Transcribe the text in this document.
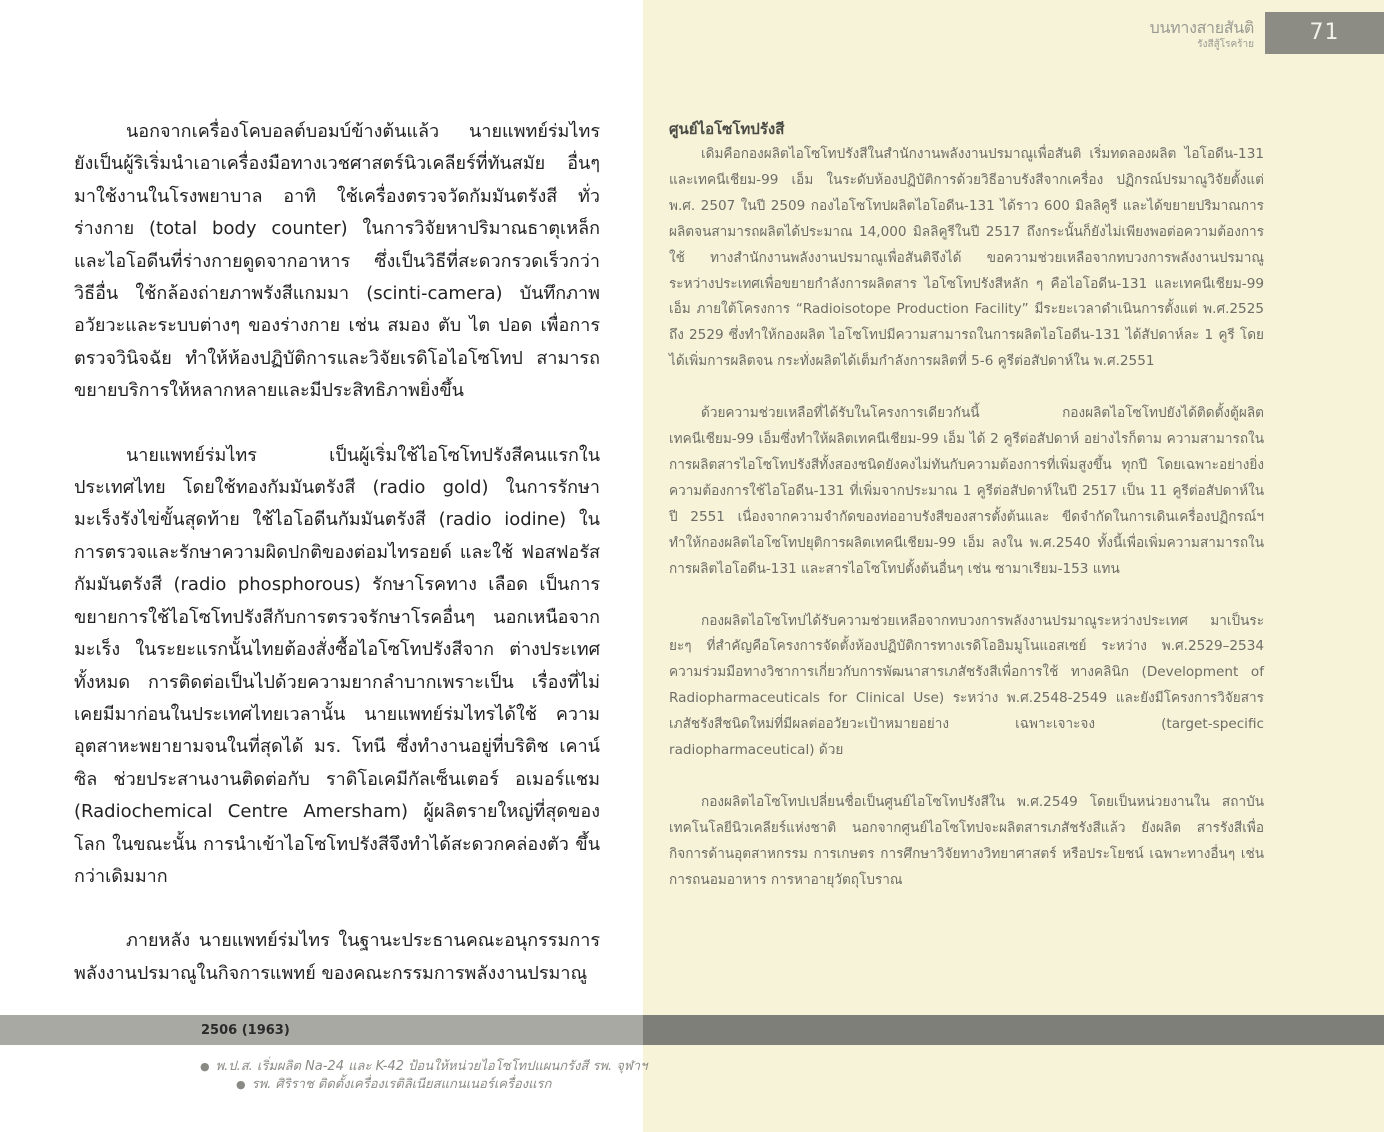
บนทางสายสันติ
รังสีสู้โรคร้าย	71

นอกจากเครื่องโคบอลต์บอมบ์ข้างต้นแล้ว นายแพทย์ร่มไทร ยังเป็นผู้ริเริ่มนำเอาเครื่องมือทางเวชศาสตร์นิวเคลียร์ที่ทันสมัย อื่นๆ มาใช้งานในโรงพยาบาล อาทิ ใช้เครื่องตรวจวัดกัมมันตรังสี ทั่วร่างกาย (total body counter) ในการวิจัยหาปริมาณธาตุเหล็ก และไอโอดีนที่ร่างกายดูดจากอาหาร ซึ่งเป็นวิธีที่สะดวกรวดเร็วกว่า วิธีอื่น ใช้กล้องถ่ายภาพรังสีแกมมา (scinti-camera) บันทึกภาพ อวัยวะและระบบต่างๆ ของร่างกาย เช่น สมอง ตับ ไต ปอด เพื่อการตรวจวินิจฉัย ทำให้ห้องปฏิบัติการและวิจัยเรดิโอไอโซโทป สามารถขยายบริการให้หลากหลายและมีประสิทธิภาพยิ่งขึ้น

นายแพทย์ร่มไทร เป็นผู้เริ่มใช้ไอโซโทปรังสีคนแรกใน ประเทศไทย โดยใช้ทองกัมมันตรังสี (radio gold) ในการรักษา มะเร็งรังไข่ขั้นสุดท้าย ใช้ไอโอดีนกัมมันตรังสี (radio iodine) ในการตรวจและรักษาความผิดปกติของต่อมไทรอยด์ และใช้ ฟอสฟอรัสกัมมันตรังสี (radio phosphorous) รักษาโรคทาง เลือด เป็นการขยายการใช้ไอโซโทปรังสีกับการตรวจรักษาโรคอื่นๆ นอกเหนือจากมะเร็ง ในระยะแรกนั้นไทยต้องสั่งซื้อไอโซโทปรังสีจาก ต่างประเทศทั้งหมด การติดต่อเป็นไปด้วยความยากลำบากเพราะเป็น เรื่องที่ไม่เคยมีมาก่อนในประเทศไทยเวลานั้น นายแพทย์ร่มไทรได้ใช้ ความอุตสาหะพยายามจนในที่สุดได้ มร. โทนี ซึ่งทำงานอยู่ที่บริติช เคาน์ซิล ช่วยประสานงานติดต่อกับ ราดิโอเคมีกัลเซ็นเตอร์ อเมอร์แชม (Radiochemical Centre Amersham) ผู้ผลิตรายใหญ่ที่สุดของโลก ในขณะนั้น การนำเข้าไอโซโทปรังสีจึงทำได้สะดวกคล่องตัว ขึ้นกว่าเดิมมาก

ภายหลัง นายแพทย์ร่มไทร ในฐานะประธานคณะอนุกรรมการ พลังงานปรมาณูในกิจการแพทย์ ของคณะกรรมการพลังงานปรมาณู

ศูนย์ไอโซโทปรังสี

เดิมคือกองผลิตไอโซโทปรังสีในสำนักงานพลังงานปรมาณูเพื่อสันติ เริ่มทดลองผลิต ไอโอดีน-131 และเทคนีเชียม-99 เอ็ม ในระดับห้องปฏิบัติการด้วยวิธีอาบรังสีจากเครื่อง ปฏิกรณ์ปรมาณูวิจัยตั้งแต่ พ.ศ. 2507 ในปี 2509 กองไอโซโทปผลิตไอโอดีน-131 ได้ราว 600 มิลลิคูรี และได้ขยายปริมาณการผลิตจนสามารถผลิตได้ประมาณ 14,000 มิลลิคูรีในปี 2517 ถึงกระนั้นก็ยังไม่เพียงพอต่อความต้องการใช้ ทางสำนักงานพลังงานปรมาณูเพื่อสันติจึงได้ ขอความช่วยเหลือจากทบวงการพลังงานปรมาณูระหว่างประเทศเพื่อขยายกำลังการผลิตสาร ไอโซโทปรังสีหลัก ๆ คือไอโอดีน-131 และเทคนีเชียม-99 เอ็ม ภายใต้โครงการ “Radioisotope Production Facility” มีระยะเวลาดำเนินการตั้งแต่ พ.ศ.2525 ถึง 2529 ซึ่งทำให้กองผลิต ไอโซโทปมีความสามารถในการผลิตไอโอดีน-131 ได้สัปดาห์ละ 1 คูรี โดยได้เพิ่มการผลิตจน กระทั่งผลิตได้เต็มกำลังการผลิตที่ 5-6 คูรีต่อสัปดาห์ใน พ.ศ.2551

ด้วยความช่วยเหลือที่ได้รับในโครงการเดียวกันนี้ กองผลิตไอโซโทปยังได้ติดตั้งตู้ผลิต เทคนีเชียม-99 เอ็มซึ่งทำให้ผลิตเทคนีเชียม-99 เอ็ม ได้ 2 คูรีต่อสัปดาห์ อย่างไรก็ตาม ความสามารถในการผลิตสารไอโซโทปรังสีทั้งสองชนิดยังคงไม่ทันกับความต้องการที่เพิ่มสูงขึ้น ทุกปี โดยเฉพาะอย่างยิ่งความต้องการใช้ไอโอดีน-131 ที่เพิ่มจากประมาณ 1 คูรีต่อสัปดาห์ในปี 2517 เป็น 11 คูรีต่อสัปดาห์ในปี 2551 เนื่องจากความจำกัดของท่ออาบรังสีของสารตั้งต้นและ ขีดจำกัดในการเดินเครื่องปฏิกรณ์ฯ ทำให้กองผลิตไอโซโทปยุติการผลิตเทคนีเชียม-99 เอ็ม ลงใน พ.ศ.2540 ทั้งนี้เพื่อเพิ่มความสามารถในการผลิตไอโอดีน-131 และสารไอโซโทปตั้งต้นอื่นๆ เช่น ซามาเรียม-153 แทน

กองผลิตไอโซโทปได้รับความช่วยเหลือจากทบวงการพลังงานปรมาณูระหว่างประเทศ มาเป็นระยะๆ ที่สำคัญคือโครงการจัดตั้งห้องปฏิบัติการทางเรดิโออิมมูโนแอสเซย์ ระหว่าง พ.ศ.2529–2534 ความร่วมมือทางวิชาการเกี่ยวกับการพัฒนาสารเภสัชรังสีเพื่อการใช้ ทางคลินิก (Development of Radiopharmaceuticals for Clinical Use) ระหว่าง พ.ศ.2548-2549 และยังมีโครงการวิจัยสารเภสัชรังสีชนิดใหม่ที่มีผลต่ออวัยวะเป้าหมายอย่าง เฉพาะเจาะจง (target-specific radiopharmaceutical) ด้วย

กองผลิตไอโซโทปเปลี่ยนชื่อเป็นศูนย์ไอโซโทปรังสีใน พ.ศ.2549 โดยเป็นหน่วยงานใน สถาบันเทคโนโลยีนิวเคลียร์แห่งชาติ นอกจากศูนย์ไอโซโทปจะผลิตสารเภสัชรังสีแล้ว ยังผลิต สารรังสีเพื่อกิจการด้านอุตสาหกรรม การเกษตร การศึกษาวิจัยทางวิทยาศาสตร์ หรือประโยชน์ เฉพาะทางอื่นๆ เช่น การถนอมอาหาร การหาอายุวัตถุโบราณ

2506 (1963)
● พ.ป.ส. เริ่มผลิต Na-24 และ K-42 ป้อนให้หน่วยไอโซโทปแผนกรังสี รพ. จุฬาฯ
● รพ. ศิริราช ติดตั้งเครื่องเรติลิเนียสแกนเนอร์เครื่องแรก
